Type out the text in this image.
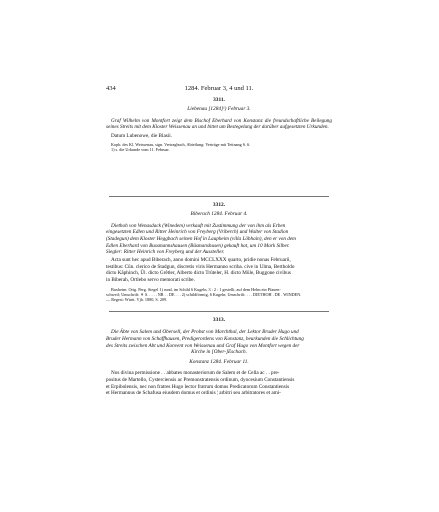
434	1284. Februar 3, 4 und 11.
3311.
Liebenau [1284]¹) Februar 3.
Graf Wilhelm von Montfort zeigt dem Bischof Eberhard von Konstanz die freundschaftliche Beilegung seines Streits mit dem Kloster Weissenau an und bittet um Bestegelung der darüber aufgesetzten Urkunden.
Datum Lubenowe, die Blasii.
Kopb. des Kl. Weissenau, sign. Vertragbuch, Abteilung: Verträge mit Tettnang S. 6.
1) s. die Urkunde vom 11. Februar.
3312.
Biberach 1284. Februar 4.
Diethoh von Wenasdack (Winedem) verkauft mit Zustimmung der von ihm als Erben
eingesetzten Edlen und Ritter Heinrich von Freyberg (Vriberch) und Walter von Stadion
(Stadegun) dem Kloster Heggbach seinen Hof in Laupheim (villa Lôbhain), den er von dem
Edlen Eberhard von Bussmannshausen (Bûsmanshusen) gekauft hat, um 10 Mark Silber.
Siegler: Ritter Heinrich von Freyberg und der Aussteller.
Acta sunt hec apud Biberach, anno domini MCCLXXX quarto, pridie nonas Februarii,
testibus: Cûn. clerico de Stadgun, discretis viris Hermanno scriba. cive in Ulma, Bertholdo
dicto Kâphinch, Ûl. dicto Grêtler, Alberto dicto Trûteler, H. dicto Mûle, Buggone civibus
in Biberah, Ortlebo servo memorati scribe.
Buxheim. Orig. Perg. Siegel 1) rund, im Schild 6 Kugeln, 3 : 2 : 1 gestellt, auf dem Helm ein Pfauen-
schweif; Umschrift: ✝ S. . . . . NR . . DE . . . 2) schildförmig, 6 Kugeln; Umschrift: . . . DIETHOH . DE . WINDEN.
— Regest: Württ. Vjh. 1880, S. 209.
3313.
Die Äbte von Salem und Obersell, der Probst von Marchthal, der Lektor Bruder Hugo und
Bruder Hermann von Schaffhausen, Predigerordens von Konstanz, beurkunden die Schlichtung
des Streits zwischen Abt und Konvent von Weissenau und Graf Hugo von Montfort wegen der
Kirche in [Ober-]Eschach.
Konstanz 1284. Februar 11.
Nos divina permissione . . abbates monasteriorum de Salem et de Cella ac . . pre-
positus de Martello, Cysterciensis ac Premonstratensis ordinum, dyocesium Constantiensis
et Erpibolensis, nec non fratres Hugo lector fratrum domus Predicatorum Constantiensis
et Hermannus de Schafusa eiusdem domus et ordinis ¦ arbitri seu arbitratores et ami-
